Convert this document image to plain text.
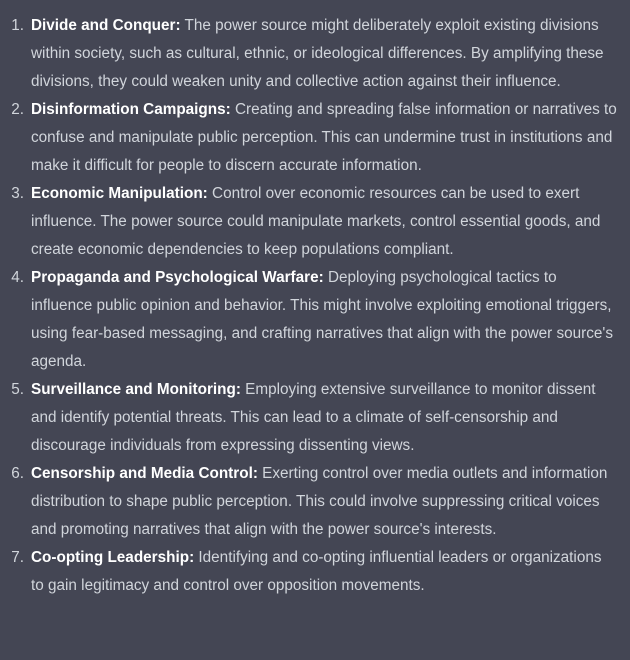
1. Divide and Conquer: The power source might deliberately exploit existing divisions within society, such as cultural, ethnic, or ideological differences. By amplifying these divisions, they could weaken unity and collective action against their influence.
2. Disinformation Campaigns: Creating and spreading false information or narratives to confuse and manipulate public perception. This can undermine trust in institutions and make it difficult for people to discern accurate information.
3. Economic Manipulation: Control over economic resources can be used to exert influence. The power source could manipulate markets, control essential goods, and create economic dependencies to keep populations compliant.
4. Propaganda and Psychological Warfare: Deploying psychological tactics to influence public opinion and behavior. This might involve exploiting emotional triggers, using fear-based messaging, and crafting narratives that align with the power source's agenda.
5. Surveillance and Monitoring: Employing extensive surveillance to monitor dissent and identify potential threats. This can lead to a climate of self-censorship and discourage individuals from expressing dissenting views.
6. Censorship and Media Control: Exerting control over media outlets and information distribution to shape public perception. This could involve suppressing critical voices and promoting narratives that align with the power source's interests.
7. Co-opting Leadership: Identifying and co-opting influential leaders or organizations to gain legitimacy and control over opposition movements.
